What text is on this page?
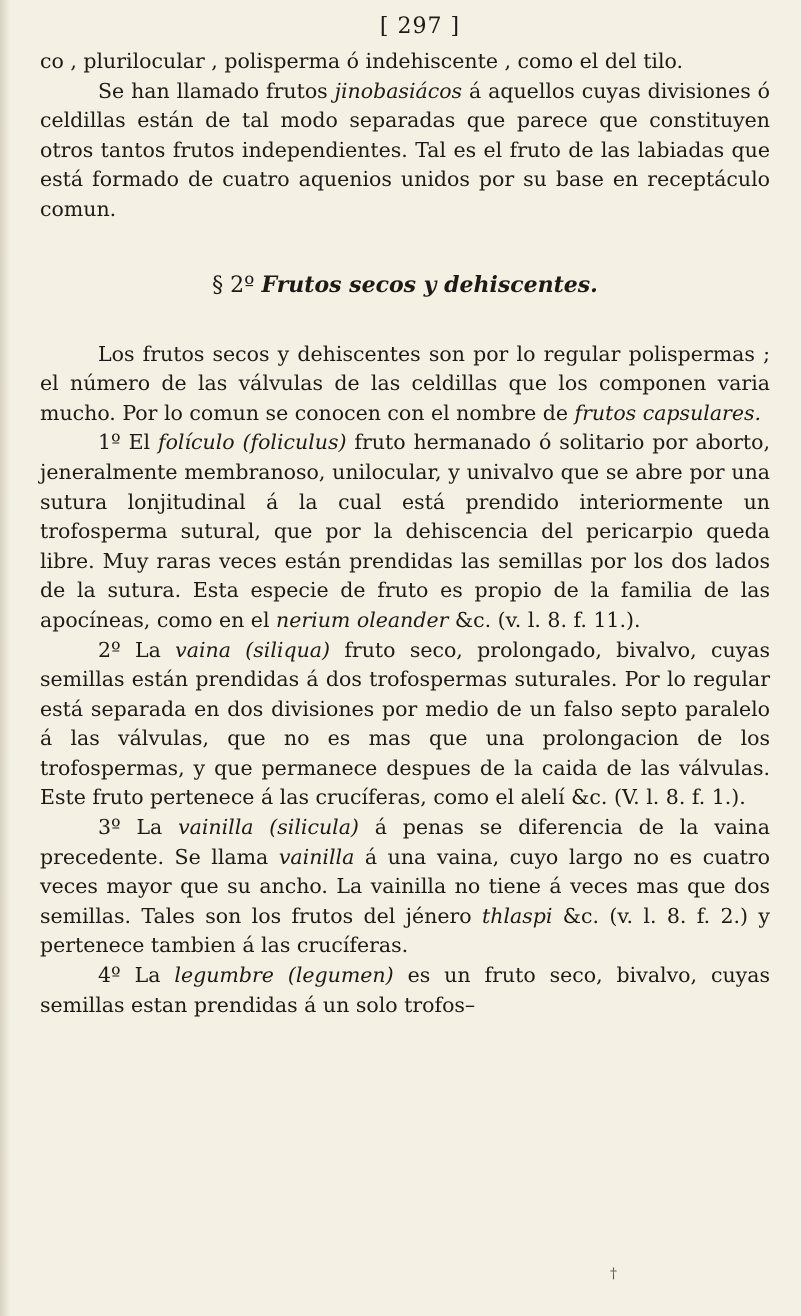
[ 297 ]

co , plurilocular , polisperma ó indehiscente , como el del tilo.

Se han llamado frutos jinobasiácos á aquellos cuyas divisiones ó celdillas están de tal modo separadas que parece que constituyen otros tantos frutos independientes. Tal es el fruto de las labiadas que está formado de cuatro aquenios unidos por su base en receptáculo comun.

§ 2º Frutos secos y dehiscentes.

Los frutos secos y dehiscentes son por lo regular polispermas ; el número de las válvulas de las celdillas que los componen varia mucho. Por lo comun se conocen con el nombre de frutos capsulares.

1º El folículo (foliculus) fruto hermanado ó solitario por aborto, jeneralmente membranoso, unilocular, y univalvo que se abre por una sutura lonjitudinal á la cual está prendido interiormente un trofosperma sutural, que por la dehiscencia del pericarpio queda libre. Muy raras veces están prendidas las semillas por los dos lados de la sutura. Esta especie de fruto es propio de la familia de las apocíneas, como en el nerium oleander &c. (v. l. 8. f. 11.).

2º La vaina (siliqua) fruto seco, prolongado, bivalvo, cuyas semillas están prendidas á dos trofospermas suturales. Por lo regular está separada en dos divisiones por medio de un falso septo paralelo á las válvulas, que no es mas que una prolongacion de los trofospermas, y que permanece despues de la caida de las válvulas. Este fruto pertenece á las crucíferas, como el alelí &c. (V. l. 8. f. 1.).

3º La vainilla (silicula) á penas se diferencia de la vaina precedente. Se llama vainilla á una vaina, cuyo largo no es cuatro veces mayor que su ancho. La vainilla no tiene á veces mas que dos semillas. Tales son los frutos del jénero thlaspi &c. (v. l. 8. f. 2.) y pertenece tambien á las crucíferas.

4º La legumbre (legumen) es un fruto seco, bivalvo, cuyas semillas estan prendidas á un solo trofos–

†
